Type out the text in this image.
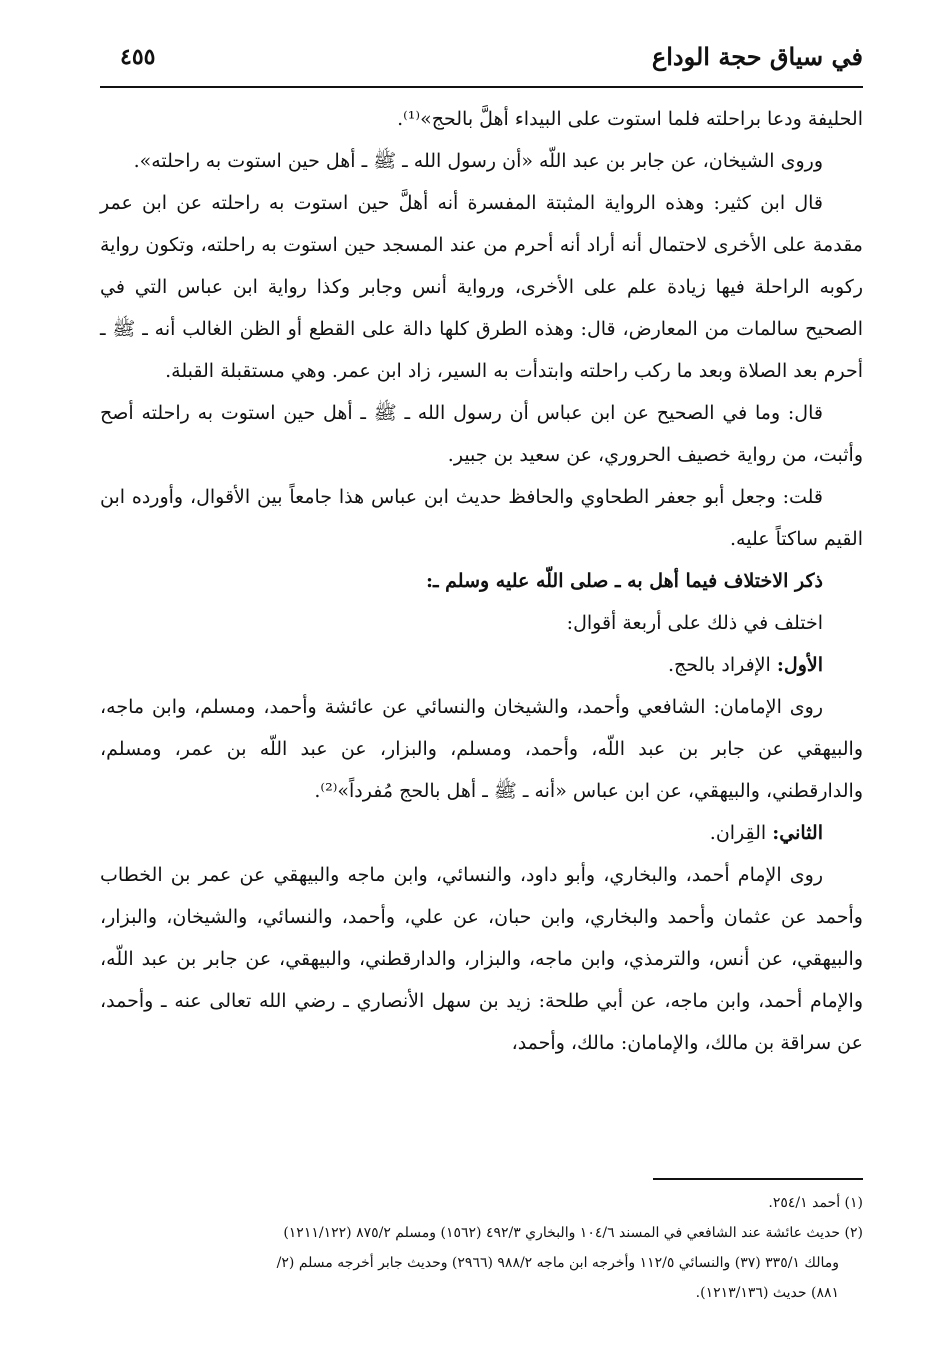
في سياق حجة الوداع
٤٥٥

الحليفة ودعا براحلته فلما استوت على البيداء أهلَّ بالحج»⁽¹⁾.

وروى الشيخان، عن جابر بن عبد اللّه «أن رسول الله ـ ﷺ ـ أهل حين استوت به راحلته».

قال ابن كثير: وهذه الرواية المثبتة المفسرة أنه أهلَّ حين استوت به راحلته عن ابن عمر مقدمة على الأخرى لاحتمال أنه أراد أنه أحرم من عند المسجد حين استوت به راحلته، وتكون رواية ركوبه الراحلة فيها زيادة علم على الأخرى، ورواية أنس وجابر وكذا رواية ابن عباس التي في الصحيح سالمات من المعارض، قال: وهذه الطرق كلها دالة على القطع أو الظن الغالب أنه ـ ﷺ ـ أحرم بعد الصلاة وبعد ما ركب راحلته وابتدأت به السير، زاد ابن عمر. وهي مستقبلة القبلة.

قال: وما في الصحيح عن ابن عباس أن رسول الله ـ ﷺ ـ أهل حين استوت به راحلته أصح وأثبت، من رواية خصيف الحروري، عن سعيد بن جبير.

قلت: وجعل أبو جعفر الطحاوي والحافظ حديث ابن عباس هذا جامعاً بين الأقوال، وأورده ابن القيم ساكتاً عليه.

ذكر الاختلاف فيما أهل به ـ صلى اللّه عليه وسلم ـ:

اختلف في ذلك على أربعة أقوال:

الأول: الإفراد بالحج.

روى الإمامان: الشافعي وأحمد، والشيخان والنسائي عن عائشة وأحمد، ومسلم، وابن ماجه، والبيهقي عن جابر بن عبد اللّه، وأحمد، ومسلم، والبزار، عن عبد اللّه بن عمر، ومسلم، والدارقطني، والبيهقي، عن ابن عباس «أنه ـ ﷺ ـ أهل بالحج مُفرداً»⁽²⁾.

الثاني: القِران.

روى الإمام أحمد، والبخاري، وأبو داود، والنسائي، وابن ماجه والبيهقي عن عمر بن الخطاب وأحمد عن عثمان وأحمد والبخاري، وابن حبان، عن علي، وأحمد، والنسائي، والشيخان، والبزار، والبيهقي، عن أنس، والترمذي، وابن ماجه، والبزار، والدارقطني، والبيهقي، عن جابر بن عبد اللّه، والإمام أحمد، وابن ماجه، عن أبي طلحة: زيد بن سهل الأنصاري ـ رضي الله تعالى عنه ـ وأحمد، عن سراقة بن مالك، والإمامان: مالك، وأحمد،

(١) أحمد ٢٥٤/١.

(٢) حديث عائشة عند الشافعي في المسند ١٠٤/٦ والبخاري ٤٩٢/٣ (١٥٦٢) ومسلم ٨٧٥/٢ (١٢١١/١٢٢)

ومالك ٣٣٥/١ (٣٧) والنسائي ١١٢/٥ وأخرجه ابن ماجه ٩٨٨/٢ (٢٩٦٦) وحديث جابر أخرجه مسلم (٢/

٨٨١) حديث (١٢١٣/١٣٦).
